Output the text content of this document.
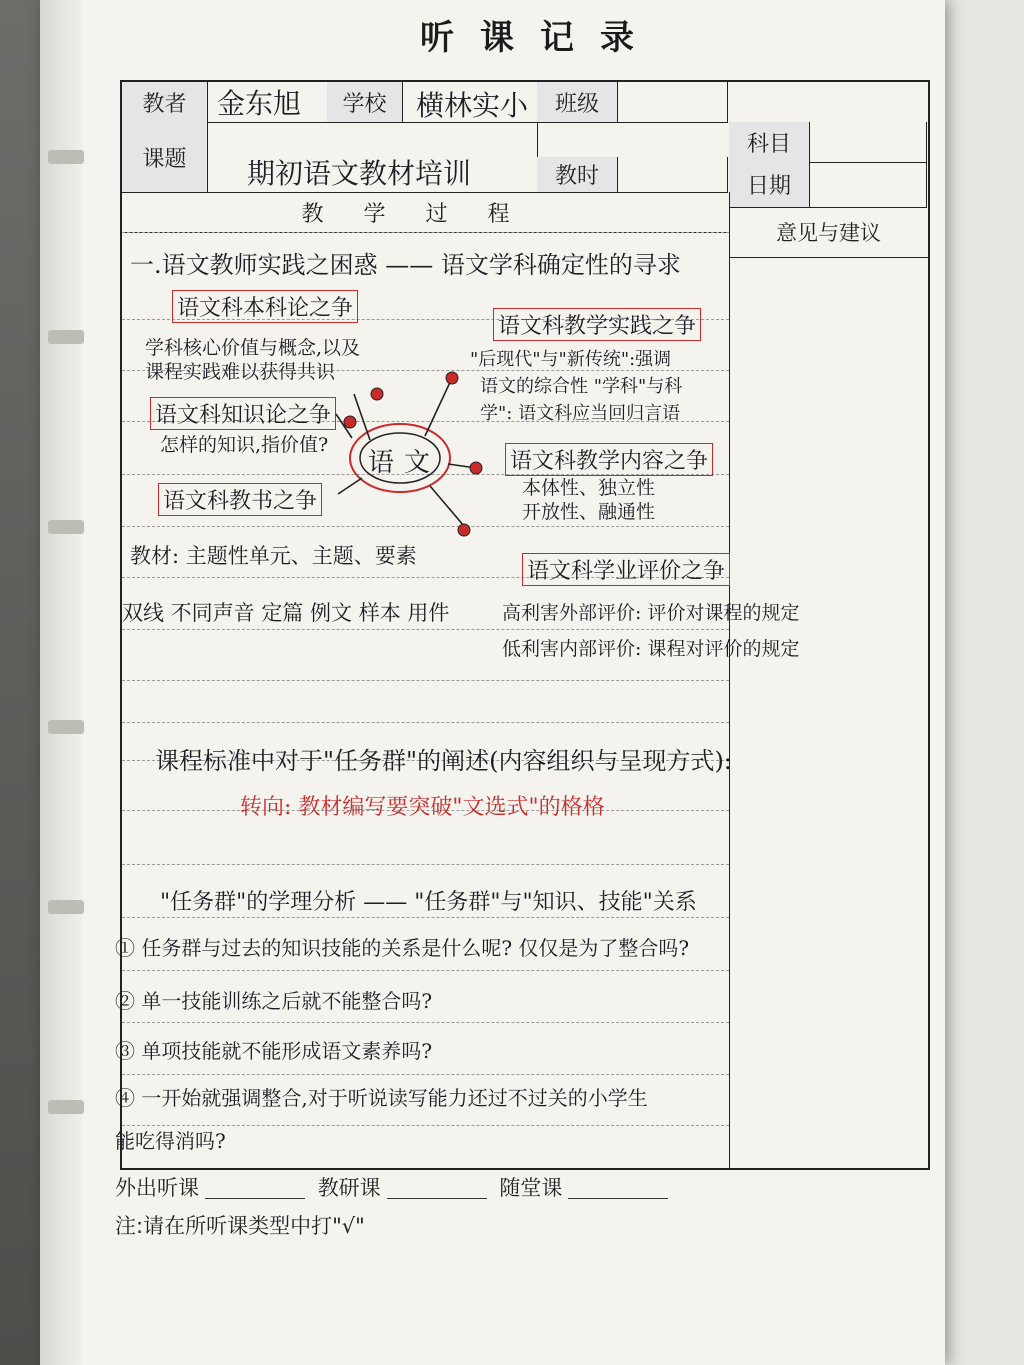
听课记录
教者	金东旭	学校	横林实小	班级
课题	期初语文教材培训	教时
科目
日期
教学过程
意见与建议
一.语文教师实践之困惑 —— 语文学科确定性的寻求
语文科本科论之争
学科核心价值与概念,以及
课程实践难以获得共识
语文科知识论之争
怎样的知识,指价值?
语文科教书之争
语文科教学实践之争
"后现代"与"新传统":强调
语文的综合性 "学科"与科
学": 语文科应当回归言语
语文科教学内容之争
本体性、独立性
开放性、融通性
教材: 主题性单元、主题、要素
双线 不同声音 定篇 例文 样本 用件
语文科学业评价之争
高利害外部评价: 评价对课程的规定
低利害内部评价: 课程对评价的规定
课程标准中对于"任务群"的阐述(内容组织与呈现方式):
转向: 教材编写要突破"文选式"的格格
"任务群"的学理分析 —— "任务群"与"知识、技能"关系
① 任务群与过去的知识技能的关系是什么呢? 仅仅是为了整合吗?
② 单一技能训练之后就不能整合吗?
③ 单项技能就不能形成语文素养吗?
④ 一开始就强调整合,对于听说读写能力还过不过关的小学生
能吃得消吗?
语文
外出听课	教研课	随堂课
注:请在所听课类型中打"√"
